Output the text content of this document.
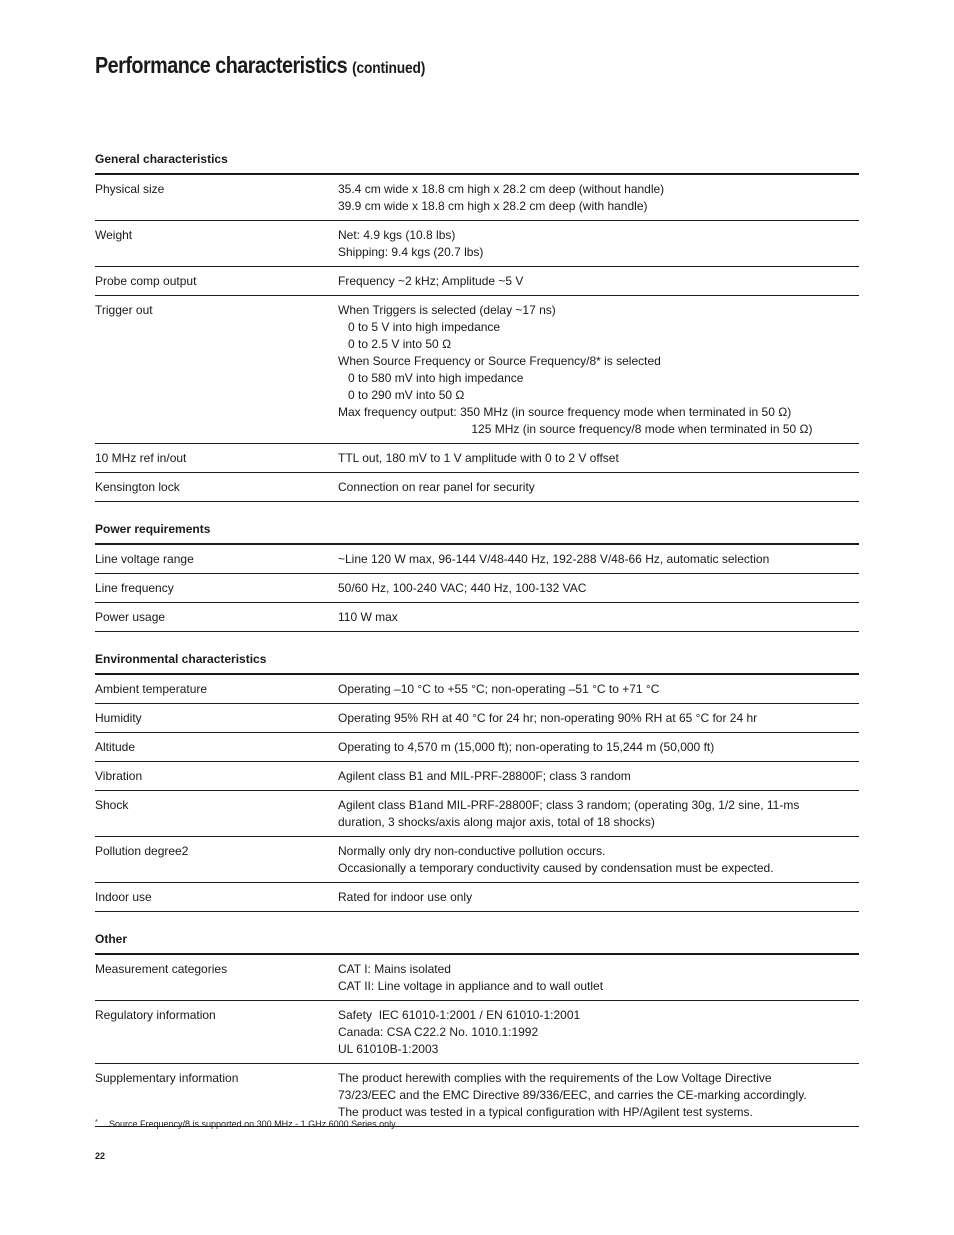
Performance characteristics (continued)
General characteristics
Physical size	35.4 cm wide x 18.8 cm high x 28.2 cm deep (without handle)
39.9 cm wide x 18.8 cm high x 28.2 cm deep (with handle)
Weight	Net: 4.9 kgs (10.8 lbs)
Shipping: 9.4 kgs (20.7 lbs)
Probe comp output	Frequency ~2 kHz; Amplitude ~5 V
Trigger out	When Triggers is selected (delay ~17 ns)
0 to 5 V into high impedance
0 to 2.5 V into 50 Ω
When Source Frequency or Source Frequency/8* is selected
0 to 580 mV into high impedance
0 to 290 mV into 50 Ω
Max frequency output: 350 MHz (in source frequency mode when terminated in 50 Ω)
125 MHz (in source frequency/8 mode when terminated in 50 Ω)
10 MHz ref in/out	TTL out, 180 mV to 1 V amplitude with 0 to 2 V offset
Kensington lock	Connection on rear panel for security
Power requirements
Line voltage range	~Line 120 W max, 96-144 V/48-440 Hz, 192-288 V/48-66 Hz, automatic selection
Line frequency	50/60 Hz, 100-240 VAC; 440 Hz, 100-132 VAC
Power usage	110 W max
Environmental characteristics
Ambient temperature	Operating –10 °C to +55 °C; non-operating –51 °C to +71 °C
Humidity	Operating 95% RH at 40 °C for 24 hr; non-operating 90% RH at 65 °C for 24 hr
Altitude	Operating to 4,570 m (15,000 ft); non-operating to 15,244 m (50,000 ft)
Vibration	Agilent class B1 and MIL-PRF-28800F; class 3 random
Shock	Agilent class B1and MIL-PRF-28800F; class 3 random; (operating 30g, 1/2 sine, 11-ms
duration, 3 shocks/axis along major axis, total of 18 shocks)
Pollution degree2	Normally only dry non-conductive pollution occurs.
Occasionally a temporary conductivity caused by condensation must be expected.
Indoor use	Rated for indoor use only
Other
Measurement categories	CAT I: Mains isolated
CAT II: Line voltage in appliance and to wall outlet
Regulatory information	Safety  IEC 61010-1:2001 / EN 61010-1:2001
Canada: CSA C22.2 No. 1010.1:1992
UL 61010B-1:2003
Supplementary information	The product herewith complies with the requirements of the Low Voltage Directive
73/23/EEC and the EMC Directive 89/336/EEC, and carries the CE-marking accordingly.
The product was tested in a typical configuration with HP/Agilent test systems.
* Source Frequency/8 is supported on 300 MHz - 1 GHz 6000 Series only.
22
